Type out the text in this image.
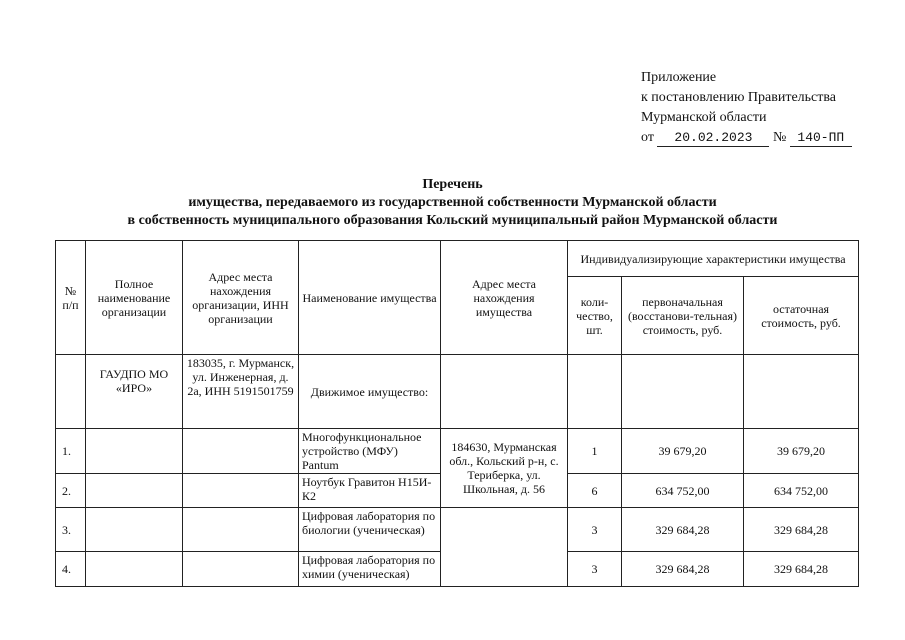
Приложение
к постановлению Правительства
Мурманской области
от 20.02.2023 № 140-ПП
Перечень
имущества, передаваемого из государственной собственности Мурманской области
в собственность муниципального образования Кольский муниципальный район Мурманской области
№ п/п	Полное наименование организации	Адрес места нахождения организации, ИНН организации	Наименование имущества	Адрес места нахождения имущества	Индивидуализирующие характеристики имущества		
					коли-чество, шт.	первоначальная (восстанови-тельная) стоимость, руб.	остаточная стоимость, руб.
	ГАУДПО МО «ИРО»	183035, г. Мурманск, ул. Инженерная, д. 2а, ИНН 5191501759	Движимое имущество:				
1.			Многофункциональное устройство (МФУ) Pantum	184630, Мурманская обл., Кольский р-н, с. Териберка, ул. Школьная, д. 56	1	39 679,20	39 679,20
2.			Ноутбук Гравитон Н15И-К2		6	634 752,00	634 752,00
3.			Цифровая лаборатория по биологии (ученическая)		3	329 684,28	329 684,28
4.			Цифровая лаборатория по химии (ученическая)		3	329 684,28	329 684,28
